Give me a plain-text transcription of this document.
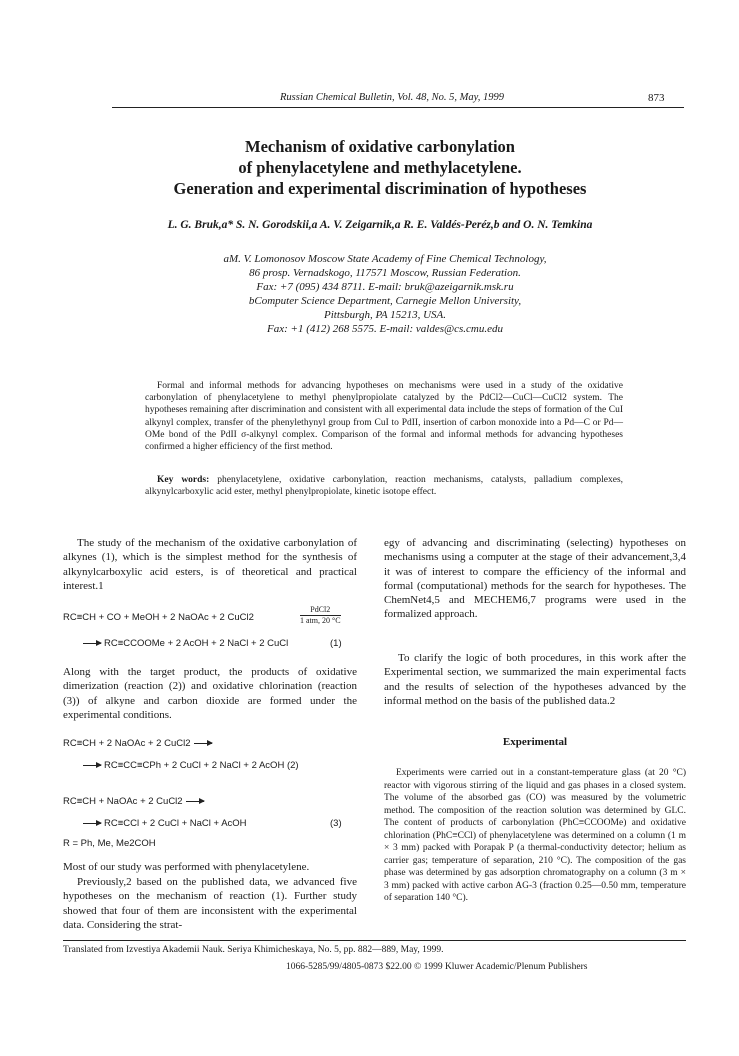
Russian Chemical Bulletin, Vol. 48, No. 5, May, 1999	873
Mechanism of oxidative carbonylation
of phenylacetylene and methylacetylene.
Generation and experimental discrimination of hypotheses
L. G. Bruk,a* S. N. Gorodskii,a A. V. Zeigarnik,a R. E. Valdés-Peréz,b and O. N. Temkina
aM. V. Lomonosov Moscow State Academy of Fine Chemical Technology,
86 prosp. Vernadskogo, 117571 Moscow, Russian Federation.
Fax: +7 (095) 434 8711. E-mail: bruk@azeigarnik.msk.ru
bComputer Science Department, Carnegie Mellon University,
Pittsburgh, PA 15213, USA.
Fax: +1 (412) 268 5575. E-mail: valdes@cs.cmu.edu

Formal and informal methods for advancing hypotheses on mechanisms were used in a study of the oxidative carbonylation of phenylacetylene to methyl phenylpropiolate catalyzed by the PdCl2—CuCl—CuCl2 system. The hypotheses remaining after discrimination and consistent with all experimental data include the steps of formation of the CuI alkynyl complex, transfer of the phenylethynyl group from CuI to PdII, insertion of carbon monoxide into a Pd—C or Pd—OMe bond of the PdII σ-alkynyl complex. Comparison of the formal and informal methods for advancing hypotheses confirmed a higher efficiency of the first method.

Key words: phenylacetylene, oxidative carbonylation, reaction mechanisms, catalysts, palladium complexes, alkynylcarboxylic acid ester, methyl phenylpropiolate, kinetic isotope effect.

The study of the mechanism of the oxidative carbonylation of alkynes (1), which is the simplest method for the synthesis of alkynylcarboxylic acid esters, is of theoretical and practical interest.1

RC≡CH + CO + MeOH + 2 NaOAc + 2 CuCl2
PdCl2
1 atm, 20 °C
→ RC≡CCOOMe + 2 AcOH + 2 NaCl + 2 CuCl	(1)

Along with the target product, the products of oxidative dimerization (reaction (2)) and oxidative chlorination (reaction (3)) of alkyne and carbon dioxide are formed under the experimental conditions.

RC≡CH + 2 NaOAc + 2 CuCl2 →
→ RC≡CC≡CPh + 2 CuCl + 2 NaCl + 2 AcOH (2)
RC≡CH + NaOAc + 2 CuCl2 →
→ RC≡CCl + 2 CuCl + NaCl + AcOH	(3)
R = Ph, Me, Me2COH

Most of our study was performed with phenylacetylene.

Previously,2 based on the published data, we advanced five hypotheses on the mechanism of reaction (1). Further study showed that four of them are inconsistent with the experimental data. Considering the strat-

egy of advancing and discriminating (selecting) hypotheses on mechanisms using a computer at the stage of their advancement,3,4 it was of interest to compare the efficiency of the informal and formal (computational) methods for the search for hypotheses. The ChemNet4,5 and MECHEM6,7 programs were used in the formalized approach.

To clarify the logic of both procedures, in this work after the Experimental section, we summarized the main experimental facts and the results of selection of the hypotheses advanced by the informal method on the basis of the published data.2

Experimental

Experiments were carried out in a constant-temperature glass (at 20 °C) reactor with vigorous stirring of the liquid and gas phases in a closed system. The volume of the absorbed gas (CO) was measured by the volumetric method. The composition of the reaction solution was determined by GLC. The content of products of carbonylation (PhC≡CCOOMe) and oxidative chlorination (PhC≡CCl) of phenylacetylene was determined on a column (1 m × 3 mm) packed with Porapak P (a thermal-conductivity detector; helium as carrier gas; temperature of separation, 210 °C). The composition of the gas phase was determined by gas adsorption chromatography on a column (3 m × 3 mm) packed with active carbon AG-3 (fraction 0.25—0.50 mm, temperature of separation 140 °C).

Translated from Izvestiya Akademii Nauk. Seriya Khimicheskaya, No. 5, pp. 882—889, May, 1999.
1066-5285/99/4805-0873 $22.00 © 1999 Kluwer Academic/Plenum Publishers
